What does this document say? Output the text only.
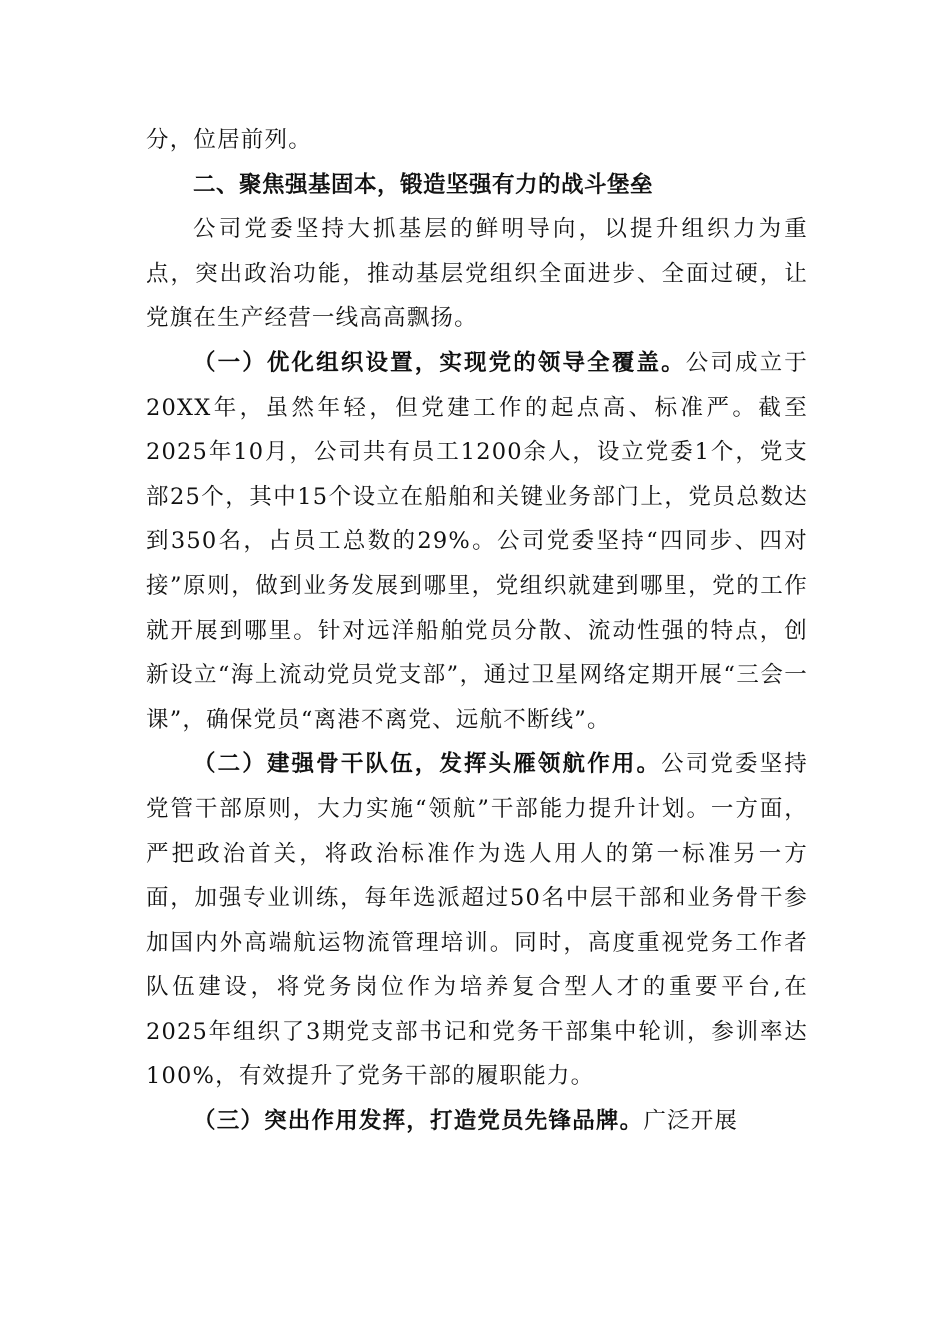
分，位居前列。

二、聚焦强基固本，锻造坚强有力的战斗堡垒

公司党委坚持大抓基层的鲜明导向，以提升组织力为重点，突出政治功能，推动基层党组织全面进步、全面过硬，让党旗在生产经营一线高高飘扬。

（一）优化组织设置，实现党的领导全覆盖。公司成立于20XX年，虽然年轻，但党建工作的起点高、标准严。截至2025年10月，公司共有员工1200余人，设立党委1个，党支部25个，其中15个设立在船舶和关键业务部门上，党员总数达到350名，占员工总数的29%。公司党委坚持“四同步、四对接”原则，做到业务发展到哪里，党组织就建到哪里，党的工作就开展到哪里。针对远洋船舶党员分散、流动性强的特点，创新设立“海上流动党员党支部”，通过卫星网络定期开展“三会一课”，确保党员“离港不离党、远航不断线”。

（二）建强骨干队伍，发挥头雁领航作用。公司党委坚持党管干部原则，大力实施“领航”干部能力提升计划。一方面，严把政治首关，将政治标准作为选人用人的第一标准另一方面，加强专业训练，每年选派超过50名中层干部和业务骨干参加国内外高端航运物流管理培训。同时，高度重视党务工作者队伍建设，将党务岗位作为培养复合型人才的重要平台,在2025年组织了3期党支部书记和党务干部集中轮训，参训率达100%，有效提升了党务干部的履职能力。

（三）突出作用发挥，打造党员先锋品牌。广泛开展
